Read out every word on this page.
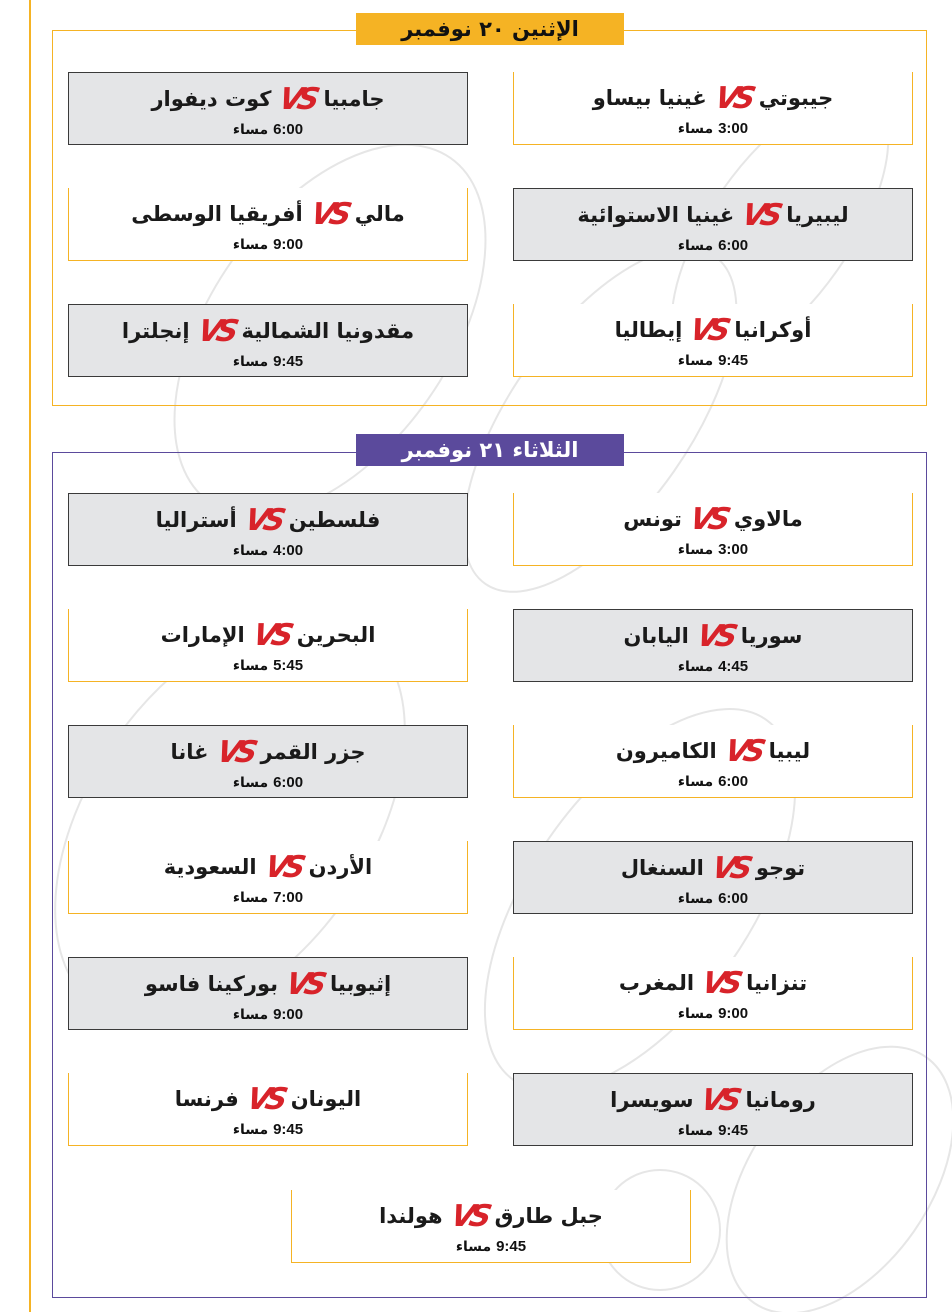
الإثنين ٢٠ نوفمبر
الثلاثاء ٢١ نوفمبر
جيبوتي
VS
غينيا بيساو
3:00 مساء
جامبيا
VS
كوت ديفوار
6:00 مساء
ليبيريا
VS
غينيا الاستوائية
6:00 مساء
مالي
VS
أفريقيا الوسطى
9:00 مساء
أوكرانيا
VS
إيطاليا
9:45 مساء
مقدونيا الشمالية
VS
إنجلترا
9:45 مساء
مالاوي
VS
تونس
3:00 مساء
فلسطين
VS
أستراليا
4:00 مساء
سوريا
VS
اليابان
4:45 مساء
البحرين
VS
الإمارات
5:45 مساء
ليبيا
VS
الكاميرون
6:00 مساء
جزر القمر
VS
غانا
6:00 مساء
توجو
VS
السنغال
6:00 مساء
الأردن
VS
السعودية
7:00 مساء
تنزانيا
VS
المغرب
9:00 مساء
إثيوبيا
VS
بوركينا فاسو
9:00 مساء
رومانيا
VS
سويسرا
9:45 مساء
اليونان
VS
فرنسا
9:45 مساء
جبل طارق
VS
هولندا
9:45 مساء
